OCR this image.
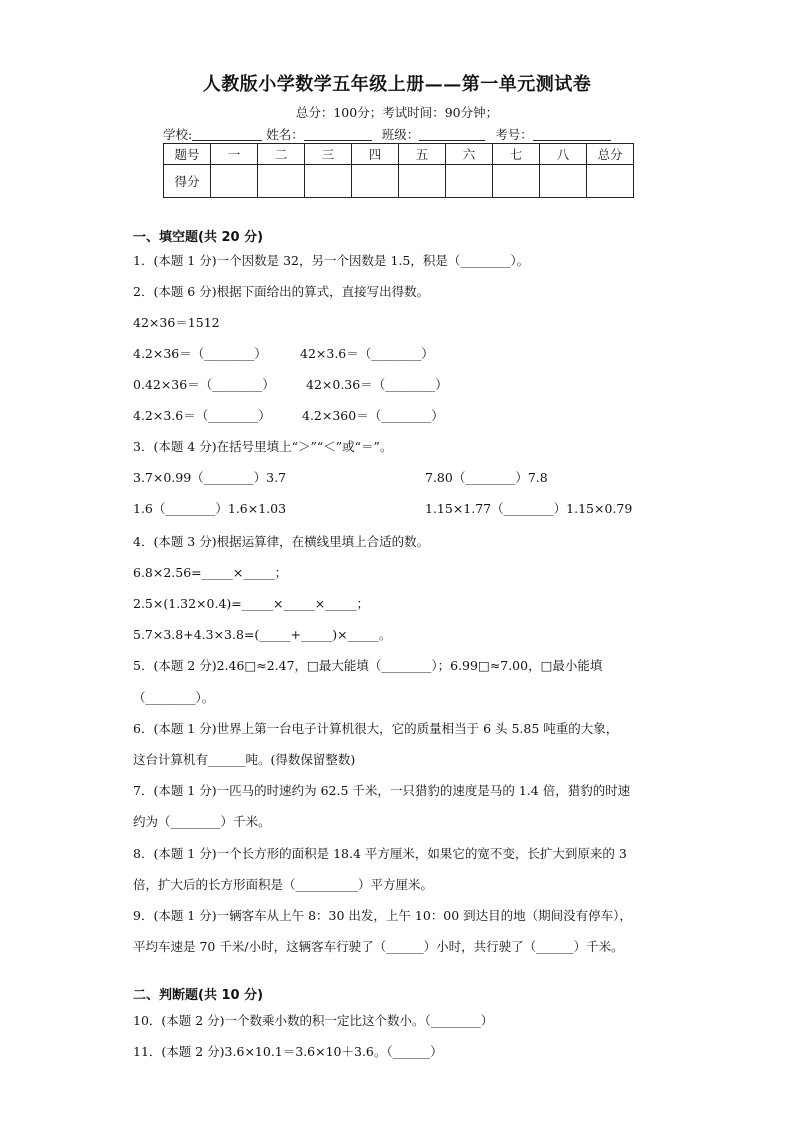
人教版小学数学五年级上册——第一单元测试卷
总分：100分；考试时间：90分钟；
学校:	姓名：	班级：	考号：
题号	一	二	三	四	五	六	七	八	总分
得分									
一、填空题(共 20 分)
1．(本题 1 分)一个因数是 32，另一个因数是 1.5，积是（________）。
2．(本题 6 分)根据下面给出的算式，直接写出得数。
42×36＝1512
4.2×36＝（________）	42×3.6＝（________）
0.42×36＝（________）	42×0.36＝（________）
4.2×3.6＝（________）	4.2×360＝（________）
3．(本题 4 分)在括号里填上“＞”“＜”或“＝”。
3.7×0.99（________）3.7	7.80（________）7.8
1.6（________）1.6×1.03	1.15×1.77（________）1.15×0.79
4．(本题 3 分)根据运算律，在横线里填上合适的数。
6.8×2.56=_____×_____；
2.5×(1.32×0.4)=_____×_____×_____；
5.7×3.8+4.3×3.8=(_____+_____)×_____。
5．(本题 2 分)2.46□≈2.47，□最大能填（________）；6.99□≈7.00，□最小能填
（________）。
6．(本题 1 分)世界上第一台电子计算机很大，它的质量相当于 6 头 5.85 吨重的大象，
这台计算机有______吨。(得数保留整数)
7．(本题 1 分)一匹马的时速约为 62.5 千米，一只猎豹的速度是马的 1.4 倍，猎豹的时速
约为（________）千米。
8．(本题 1 分)一个长方形的面积是 18.4 平方厘米，如果它的宽不变，长扩大到原来的 3
倍，扩大后的长方形面积是（__________）平方厘米。
9．(本题 1 分)一辆客车从上午 8：30 出发，上午 10：00 到达目的地（期间没有停车），
平均车速是 70 千米/小时，这辆客车行驶了（______）小时，共行驶了（______）千米。
二、判断题(共 10 分)
10．(本题 2 分)一个数乘小数的积一定比这个数小。（________）
11．(本题 2 分)3.6×10.1＝3.6×10＋3.6。（______）
